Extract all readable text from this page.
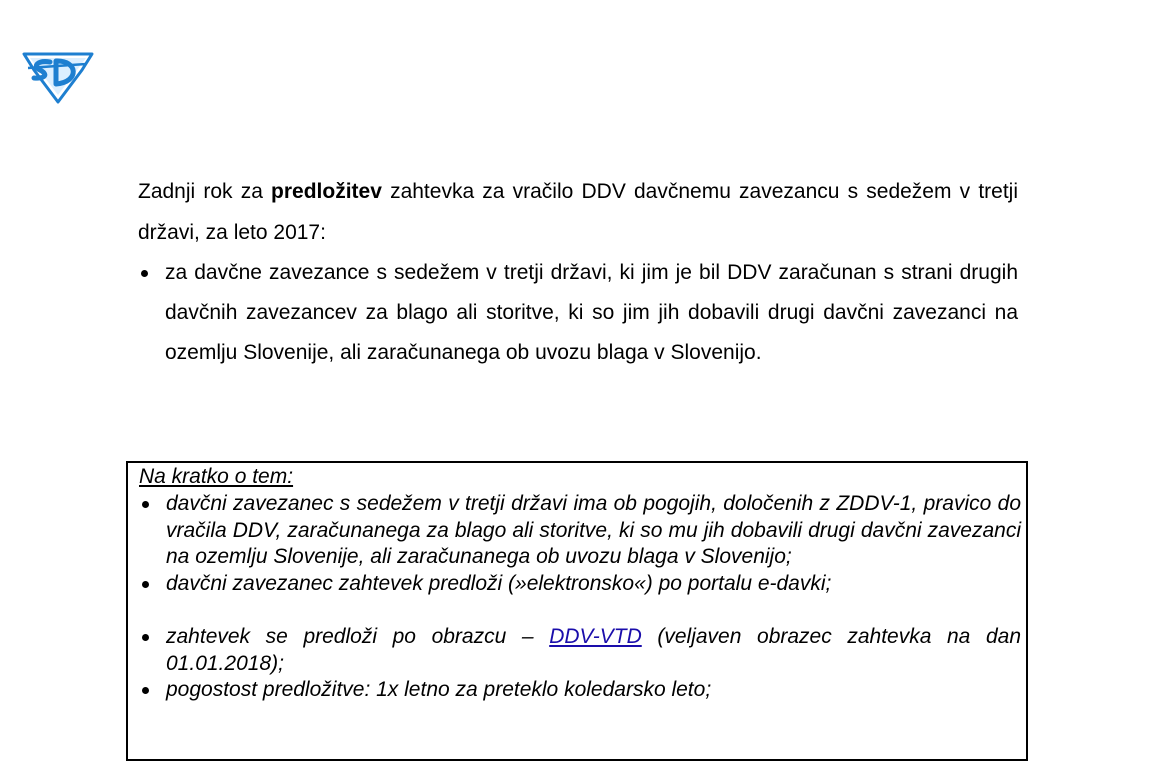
Zadnji rok za predložitev zahtevka za vračilo DDV davčnemu zavezancu s sedežem v tretji državi, za leto 2017:

za davčne zavezance s sedežem v tretji državi, ki jim je bil DDV zaračunan s strani drugih davčnih zavezancev za blago ali storitve, ki so jim jih dobavili drugi davčni zavezanci na ozemlju Slovenije, ali zaračunanega ob uvozu blaga v Slovenijo.

Na kratko o tem:

davčni zavezanec s sedežem v tretji državi ima ob pogojih, določenih z ZDDV-1, pravico do vračila DDV, zaračunanega za blago ali storitve, ki so mu jih dobavili drugi davčni zavezanci na ozemlju Slovenije, ali zaračunanega ob uvozu blaga v Slovenijo;
davčni zavezanec zahtevek predloži (»elektronsko«) po portalu e-davki;
zahtevek se predloži po obrazcu – DDV-VTD (veljaven obrazec zahtevka na dan 01.01.2018);
pogostost predložitve: 1x letno za preteklo koledarsko leto;
